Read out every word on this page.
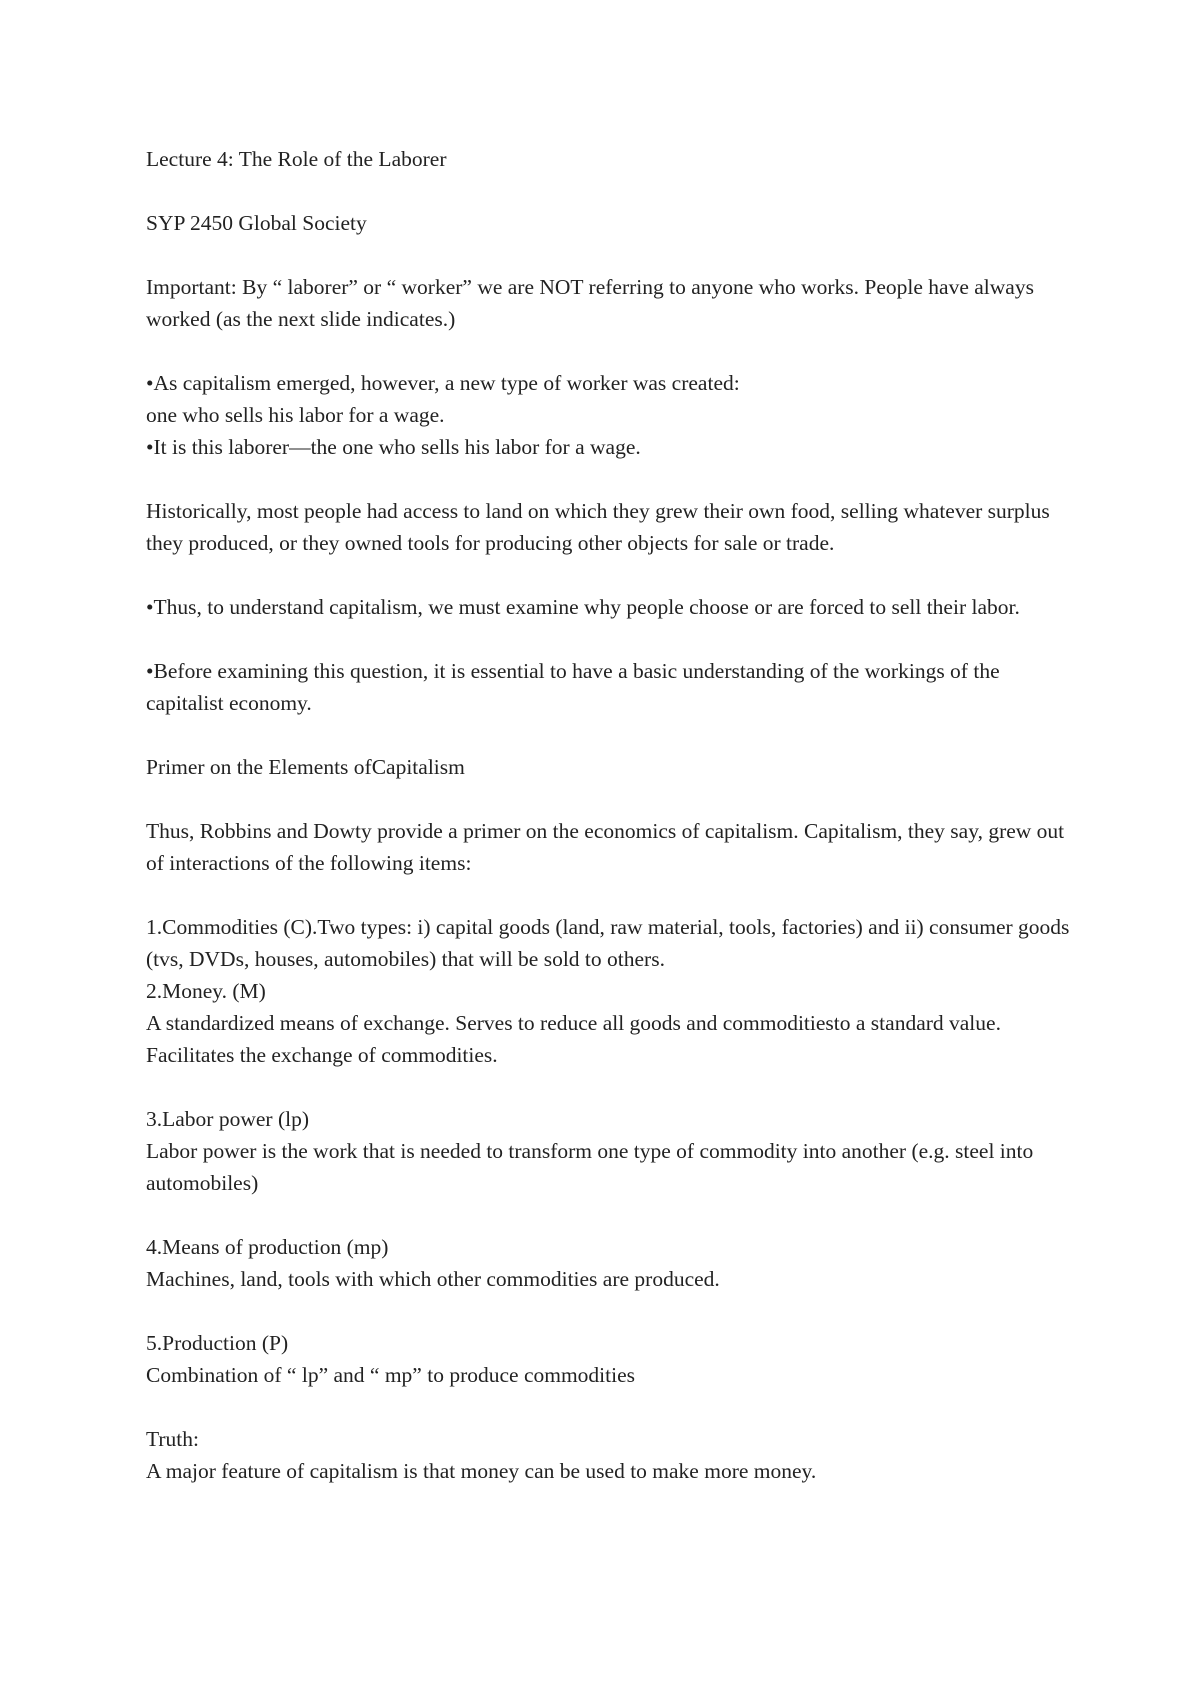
Lecture 4: The Role of the Laborer

SYP 2450 Global Society

Important: By “ laborer” or “ worker” we are NOT referring to anyone who works. People have always worked (as the next slide indicates.)

•As capitalism emerged, however, a new type of worker was created:
one who sells his labor for a wage.
•It is this laborer—the one who sells his labor for a wage.

Historically, most people had access to land on which they grew their own food, selling whatever surplus they produced, or they owned tools for producing other objects for sale or trade.

•Thus, to understand capitalism, we must examine why people choose or are forced to sell their labor.

•Before examining this question, it is essential to have a basic understanding of the workings of the capitalist economy.

Primer on the Elements ofCapitalism

Thus, Robbins and Dowty provide a primer on the economics of capitalism. Capitalism, they say, grew out of interactions of the following items:

1.Commodities (C).Two types: i) capital goods (land, raw material, tools, factories) and ii) consumer goods (tvs, DVDs, houses, automobiles) that will be sold to others.
2.Money. (M)
A standardized means of exchange. Serves to reduce all goods and commoditiesto a standard value. Facilitates the exchange of commodities.

3.Labor power (lp)
Labor power is the work that is needed to transform one type of commodity into another (e.g. steel into automobiles)

4.Means of production (mp)
Machines, land, tools with which other commodities are produced.

5.Production (P)
Combination of “ lp” and “ mp” to produce commodities

Truth:
A major feature of capitalism is that money can be used to make more money.
